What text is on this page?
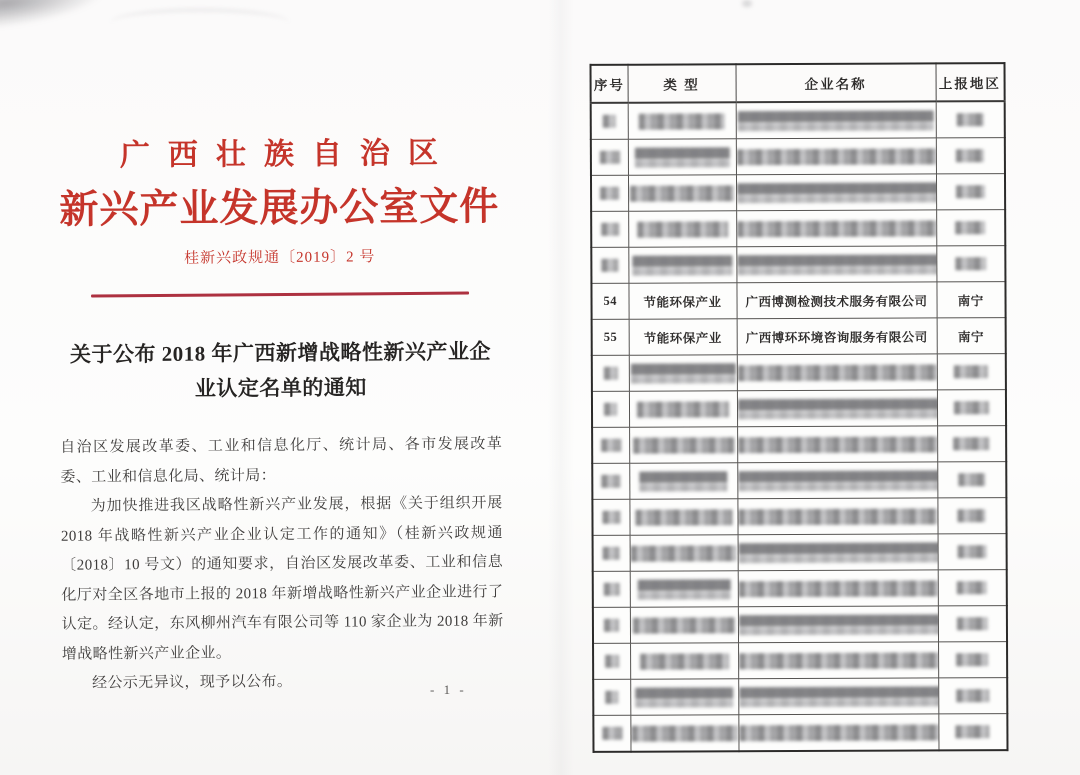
广西壮族自治区
新兴产业发展办公室文件
桂新兴政规通〔2019〕2 号
关于公布 2018 年广西新增战略性新兴产业企
业认定名单的通知

自治区发展改革委、工业和信息化厅、统计局、各市发展改革委、工业和信息化局、统计局：

为加快推进我区战略性新兴产业发展，根据《关于组织开展 2018 年战略性新兴产业企业认定工作的通知》（桂新兴政规通〔2018〕10 号文）的通知要求，自治区发展改革委、工业和信息化厅对全区各地市上报的 2018 年新增战略性新兴产业企业进行了认定。经认定，东风柳州汽车有限公司等 110 家企业为 2018 年新增战略性新兴产业企业。

经公示无异议，现予以公布。	- 1 -
序号	类 型	企业名称	上报地区

54	节能环保产业	广西博测检测技术服务有限公司	南宁
55	节能环保产业	广西博环环境咨询服务有限公司	南宁
